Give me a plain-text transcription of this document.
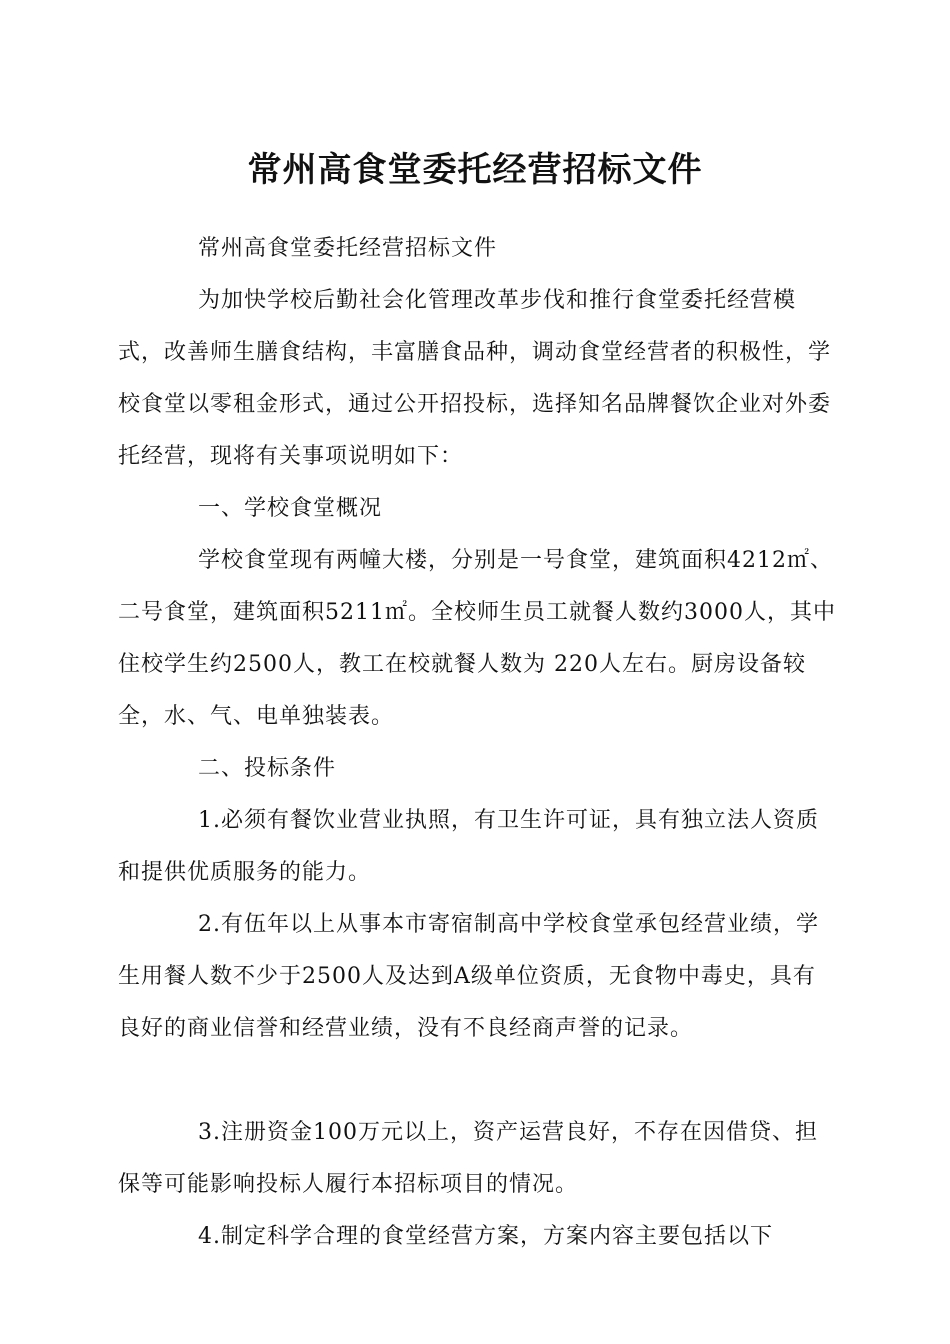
常州高食堂委托经营招标文件

常州高食堂委托经营招标文件

为加快学校后勤社会化管理改革步伐和推行食堂委托经营模式，改善师生膳食结构，丰富膳食品种，调动食堂经营者的积极性，学校食堂以零租金形式，通过公开招投标，选择知名品牌餐饮企业对外委托经营，现将有关事项说明如下：

一、学校食堂概况

学校食堂现有两幢大楼，分别是一号食堂，建筑面积4212㎡、二号食堂，建筑面积5211㎡。全校师生员工就餐人数约3000人，其中住校学生约2500人，教工在校就餐人数为 220人左右。厨房设备较全，水、气、电单独装表。

二、投标条件

1.必须有餐饮业营业执照，有卫生许可证，具有独立法人资质和提供优质服务的能力。

2.有伍年以上从事本市寄宿制高中学校食堂承包经营业绩，学生用餐人数不少于2500人及达到A级单位资质，无食物中毒史，具有良好的商业信誉和经营业绩，没有不良经商声誉的记录。

3.注册资金100万元以上，资产运营良好，不存在因借贷、担保等可能影响投标人履行本招标项目的情况。

4.制定科学合理的食堂经营方案，方案内容主要包括以下
